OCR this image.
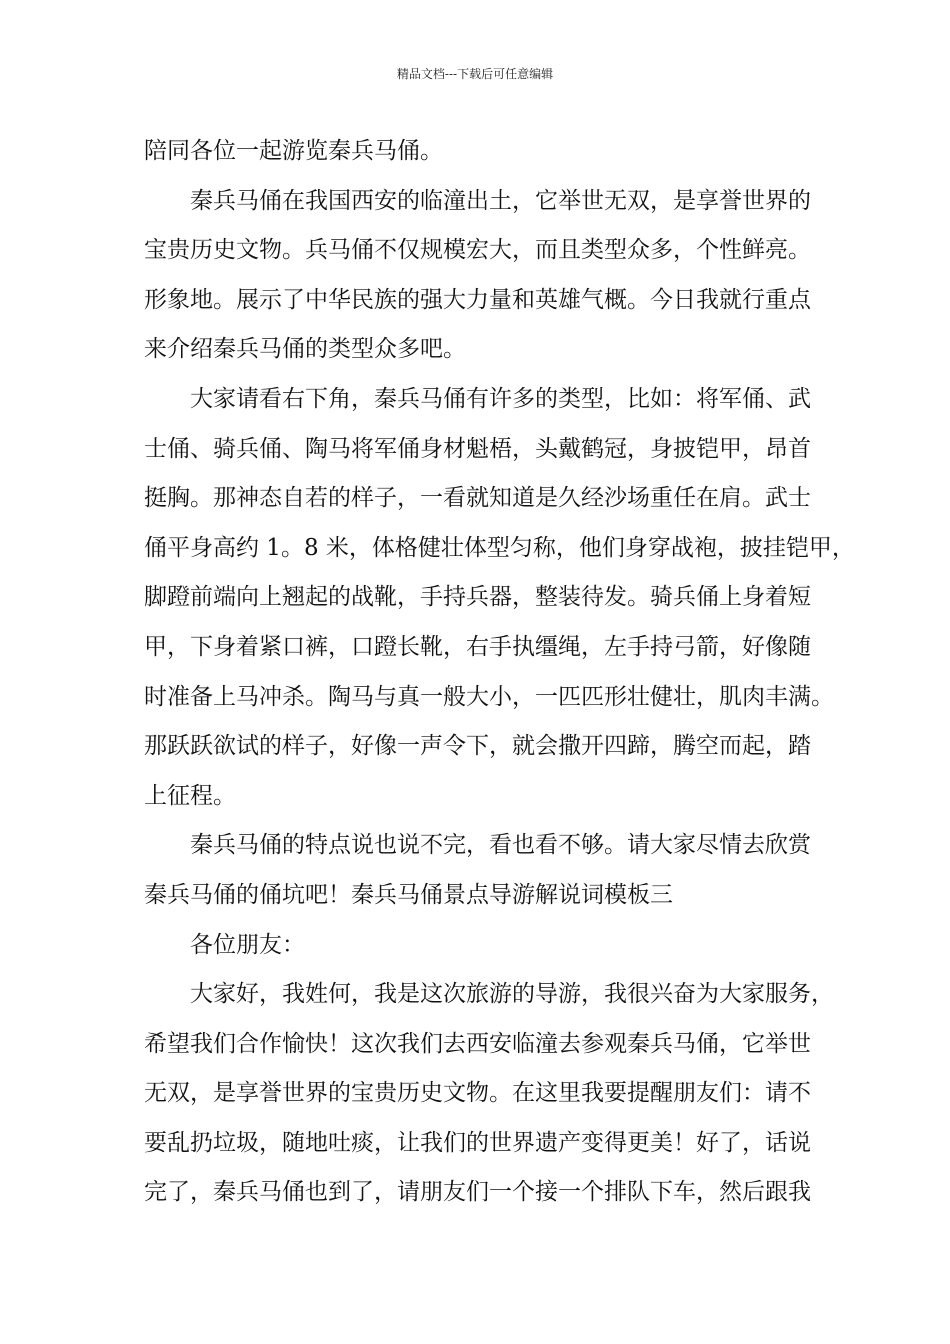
精品文档---下载后可任意编辑
陪同各位一起游览秦兵马俑。
秦兵马俑在我国西安的临潼出土，它举世无双，是享誉世界的
宝贵历史文物。兵马俑不仅规模宏大，而且类型众多，个性鲜亮。
形象地。展示了中华民族的强大力量和英雄气概。今日我就行重点
来介绍秦兵马俑的类型众多吧。
大家请看右下角，秦兵马俑有许多的类型，比如：将军俑、武
士俑、骑兵俑、陶马将军俑身材魁梧，头戴鹤冠，身披铠甲，昂首
挺胸。那神态自若的样子，一看就知道是久经沙场重任在肩。武士
俑平身高约 1。8 米，体格健壮体型匀称，他们身穿战袍，披挂铠甲，
脚蹬前端向上翘起的战靴，手持兵器，整装待发。骑兵俑上身着短
甲，下身着紧口裤，口蹬长靴，右手执缰绳，左手持弓箭，好像随
时准备上马冲杀。陶马与真一般大小，一匹匹形壮健壮，肌肉丰满。
那跃跃欲试的样子，好像一声令下，就会撒开四蹄，腾空而起，踏
上征程。
秦兵马俑的特点说也说不完，看也看不够。请大家尽情去欣赏
秦兵马俑的俑坑吧！秦兵马俑景点导游解说词模板三
各位朋友：
大家好，我姓何，我是这次旅游的导游，我很兴奋为大家服务，
希望我们合作愉快！这次我们去西安临潼去参观秦兵马俑，它举世
无双，是享誉世界的宝贵历史文物。在这里我要提醒朋友们：请不
要乱扔垃圾，随地吐痰，让我们的世界遗产变得更美！好了，话说
完了，秦兵马俑也到了，请朋友们一个接一个排队下车，然后跟我
